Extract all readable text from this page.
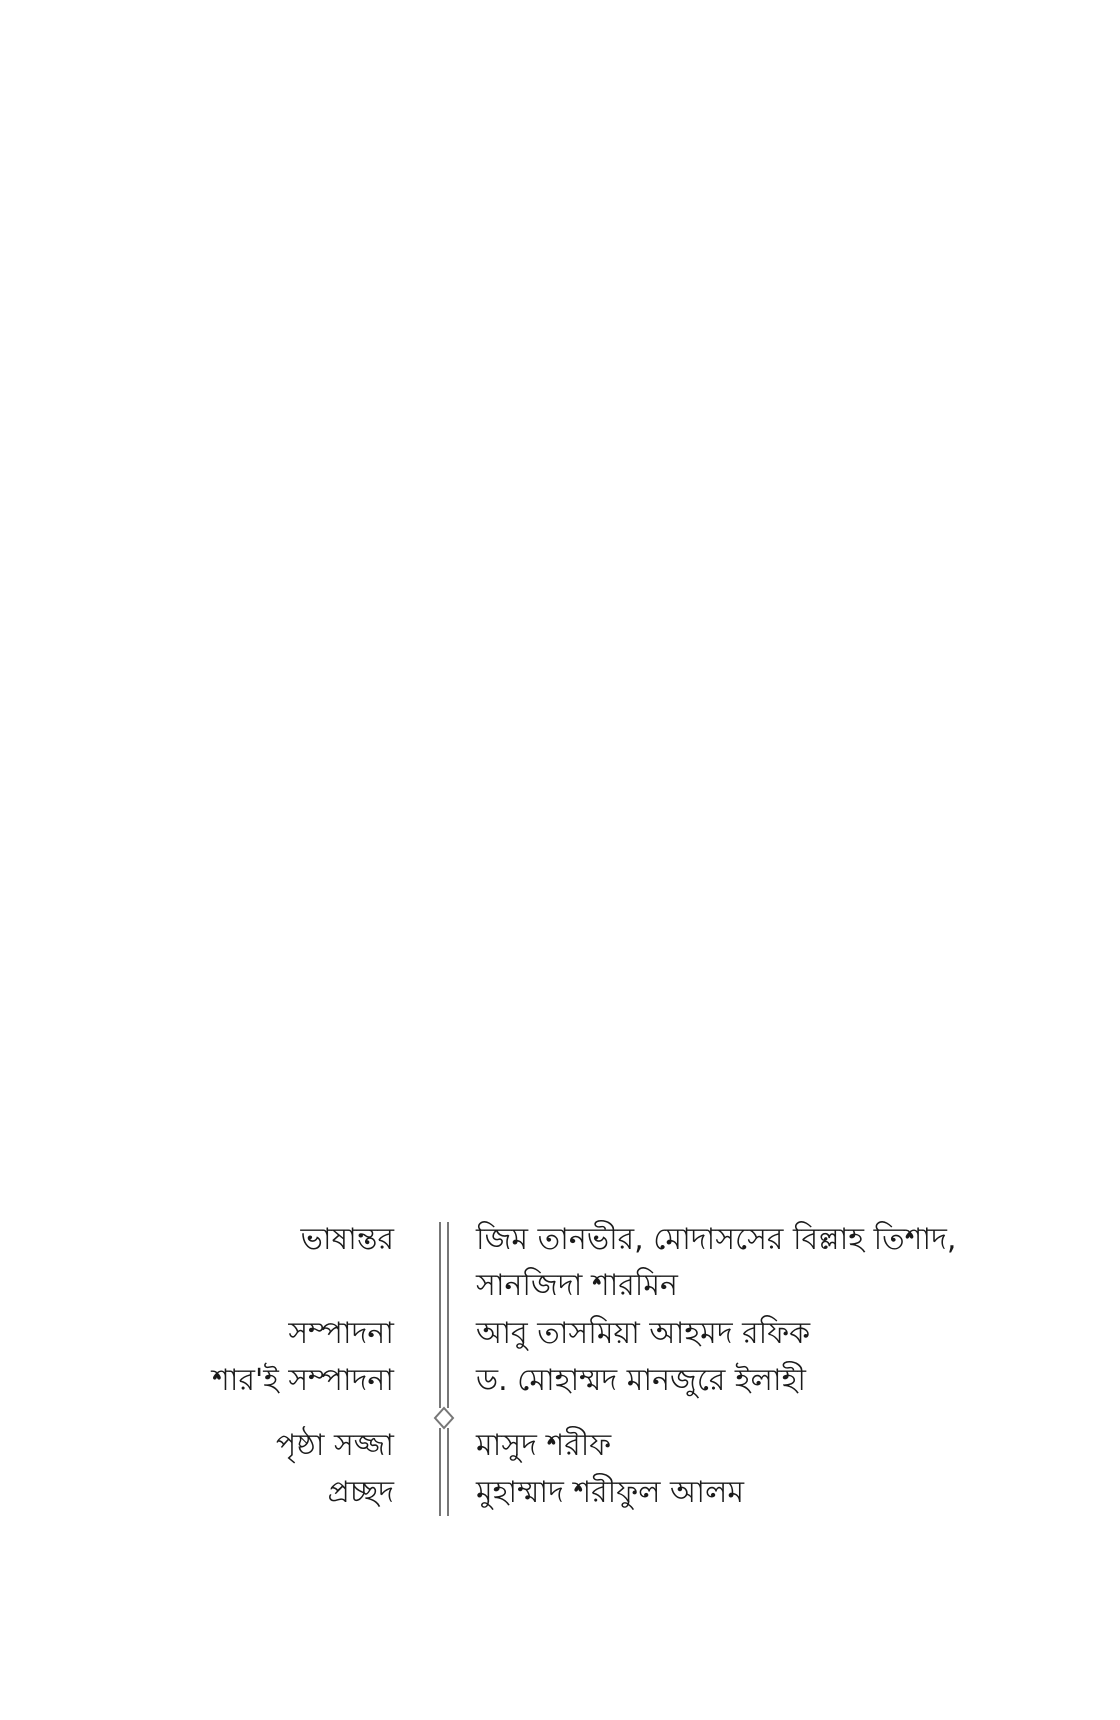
ভাষান্তর	জিম তানভীর, মোদাসসের বিল্লাহ তিশাদ,
সানজিদা শারমিন
সম্পাদনা	আবু তাসমিয়া আহমদ রফিক
শার'ই সম্পাদনা	ড. মোহাম্মদ মানজুরে ইলাহী
পৃষ্ঠা সজ্জা	মাসুদ শরীফ
প্রচ্ছদ	মুহাম্মাদ শরীফুল আলম
